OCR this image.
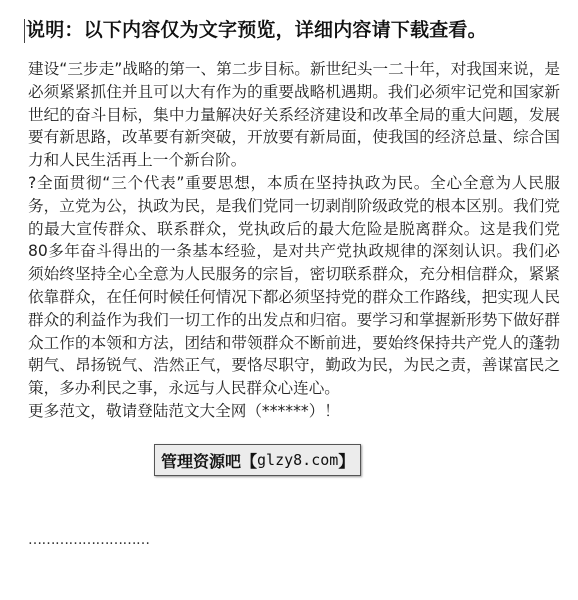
说明：以下内容仅为文字预览，详细内容请下载查看。

建设“三步走”战略的第一、第二步目标。新世纪头一二十年，对我国来说，是必须紧紧抓住并且可以大有作为的重要战略机遇期。我们必须牢记党和国家新世纪的奋斗目标，集中力量解决好关系经济建设和改革全局的重大问题，发展要有新思路，改革要有新突破，开放要有新局面，使我国的经济总量、综合国力和人民生活再上一个新台阶。

?全面贯彻“三个代表”重要思想，本质在坚持执政为民。全心全意为人民服务，立党为公，执政为民，是我们党同一切剥削阶级政党的根本区别。我们党的最大宣传群众、联系群众，党执政后的最大危险是脱离群众。这是我们党80多年奋斗得出的一条基本经验，是对共产党执政规律的深刻认识。我们必须始终坚持全心全意为人民服务的宗旨，密切联系群众，充分相信群众，紧紧依靠群众，在任何时候任何情况下都必须坚持党的群众工作路线，把实现人民群众的利益作为我们一切工作的出发点和归宿。要学习和掌握新形势下做好群众工作的本领和方法，团结和带领群众不断前进，要始终保持共产党人的蓬勃朝气、昂扬锐气、浩然正气，要恪尽职守，勤政为民，为民之责，善谋富民之策，多办利民之事，永远与人民群众心连心。

更多范文，敬请登陆范文大全网（******）！

………………………
管理资源吧 【 glzy8.com 】
